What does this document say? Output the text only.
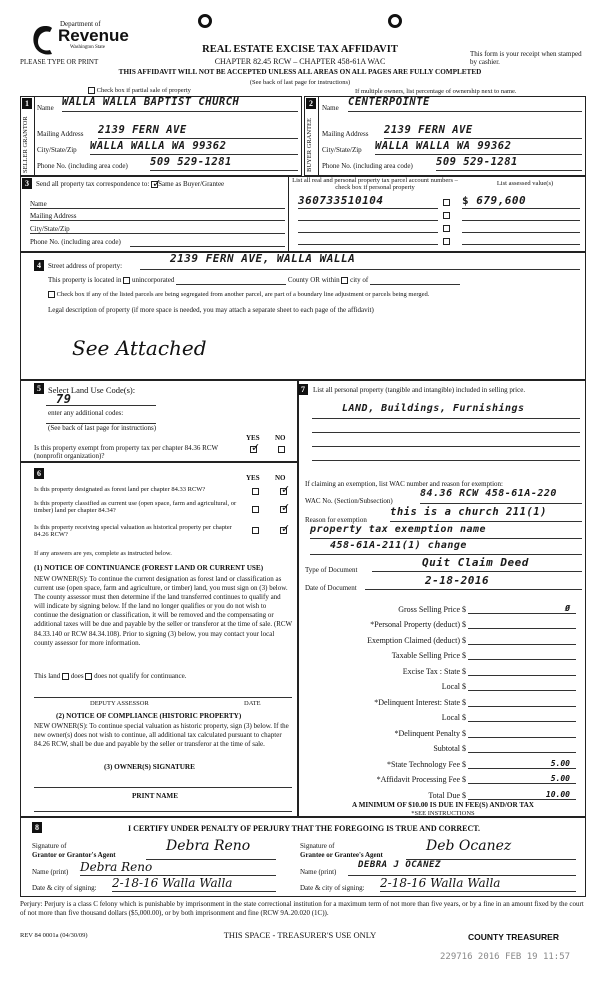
Department of
Revenue
Washington State
PLEASE TYPE OR PRINT
REAL ESTATE EXCISE TAX AFFIDAVIT
CHAPTER 82.45 RCW – CHAPTER 458-61A WAC
This form is your receipt when stamped by cashier.
THIS AFFIDAVIT WILL NOT BE ACCEPTED UNLESS ALL AREAS ON ALL PAGES ARE FULLY COMPLETED
(See back of last page for instructions)
Check box if partial sale of property	If multiple owners, list percentage of ownership next to name.
1	2
SELLER GRANTOR	BUYER GRANTEE
Name WALLA WALLA BAPTIST CHURCH
Mailing Address 2139 FERN AVE
City/State/Zip WALLA WALLA WA 99362
Phone No. (including area code) 509 529-1281
Name CENTERPOINTE
Mailing Address 2139 FERN AVE
City/State/Zip WALLA WALLA WA 99362
Phone No. (including area code) 509 529-1281
3	Send all property tax correspondence to: ✓
Same as Buyer/Grantee	List all real and personal property tax parcel account numbers – check box if personal property
List assessed value(s)
Name
Mailing Address
City/State/Zip
Phone No. (including area code)
360733510104	$ 679,600
4	Street address of property:
2139 FERN AVE, WALLA WALLA
This property is located in unincorporated	County OR within city of
Check box if any of the listed parcels are being segregated from another parcel, are part of a boundary line adjustment or parcels being merged.
Legal description of property (if more space is needed, you may attach a separate sheet to each page of the affidavit)
See Attached
5 Select Land Use Code(s):
79
enter any additional codes:
(See back of last page for instructions)
YES NO
Is this property exempt from property tax per chapter 84.36 RCW (nonprofit organization)?
✓
6	YES NO
Is this property designated as forest land per chapter 84.33 RCW?	✓
Is this property classified as current use (open space, farm and agricultural, or timber) land per chapter 84.34?	✓
Is this property receiving special valuation as historical property per chapter 84.26 RCW?	✓
If any answers are yes, complete as instructed below.
(1) NOTICE OF CONTINUANCE (FOREST LAND OR CURRENT USE)
NEW OWNER(S): To continue the current designation as forest land or classification as current use (open space, farm and agriculture, or timber) land, you must sign on (3) below. The county assessor must then determine if the land transferred continues to qualify and will indicate by signing below. If the land no longer qualifies or you do not wish to continue the designation or classification, it will be removed and the compensating or additional taxes will be due and payable by the seller or transferor at the time of sale. (RCW 84.33.140 or RCW 84.34.108). Prior to signing (3) below, you may contact your local county assessor for more information.
This land does does not qualify for continuance.
DEPUTY ASSESSOR	DATE
(2) NOTICE OF COMPLIANCE (HISTORIC PROPERTY)
NEW OWNER(S): To continue special valuation as historic property, sign (3) below. If the new owner(s) does not wish to continue, all additional tax calculated pursuant to chapter 84.26 RCW, shall be due and payable by the seller or transferor at the time of sale.
(3) OWNER(S) SIGNATURE
PRINT NAME
7	List all personal property (tangible and intangible) included in selling price.
LAND, Buildings, Furnishings
If claiming an exemption, list WAC number and reason for exemption:
WAC No. (Section/Subsection)
84.36 RCW 458-61A-220
Reason for exemption
this is a church 211(1)
property tax exemption name
458-61A-211(1) change
Type of Document
Quit Claim Deed
Date of Document
2-18-2016
Gross Selling Price $	Ø
*Personal Property (deduct) $
Exemption Claimed (deduct) $
Taxable Selling Price $
Excise Tax : State $
Local $
*Delinquent Interest: State $
Local $
*Delinquent Penalty $
Subtotal $
*State Technology Fee $	5.00
*Affidavit Processing Fee $	5.00
Total Due $	10.00
A MINIMUM OF $10.00 IS DUE IN FEE(S) AND/OR TAX
*SEE INSTRUCTIONS
8	I CERTIFY UNDER PENALTY OF PERJURY THAT THE FOREGOING IS TRUE AND CORRECT.
Signature of
Grantor or Grantor's Agent
Debra Reno
Name (print) Debra Reno
Date & city of signing: 2-18-16 Walla Walla
Signature of
Grantee or Grantee's Agent
Deb Ocanez
Name (print)
DEBRA J OCANEZ
Date & city of signing: 2-18-16 Walla Walla
Perjury: Perjury is a class C felony which is punishable by imprisonment in the state correctional institution for a maximum term of not more than five years, or by a fine in an amount fixed by the court of not more than five thousand dollars ($5,000.00), or by both imprisonment and fine (RCW 9A.20.020 (1C)).
REV 84 0001a (04/30/09)	THIS SPACE - TREASURER'S USE ONLY	COUNTY TREASURER
229716 2016 FEB 19 11:57
